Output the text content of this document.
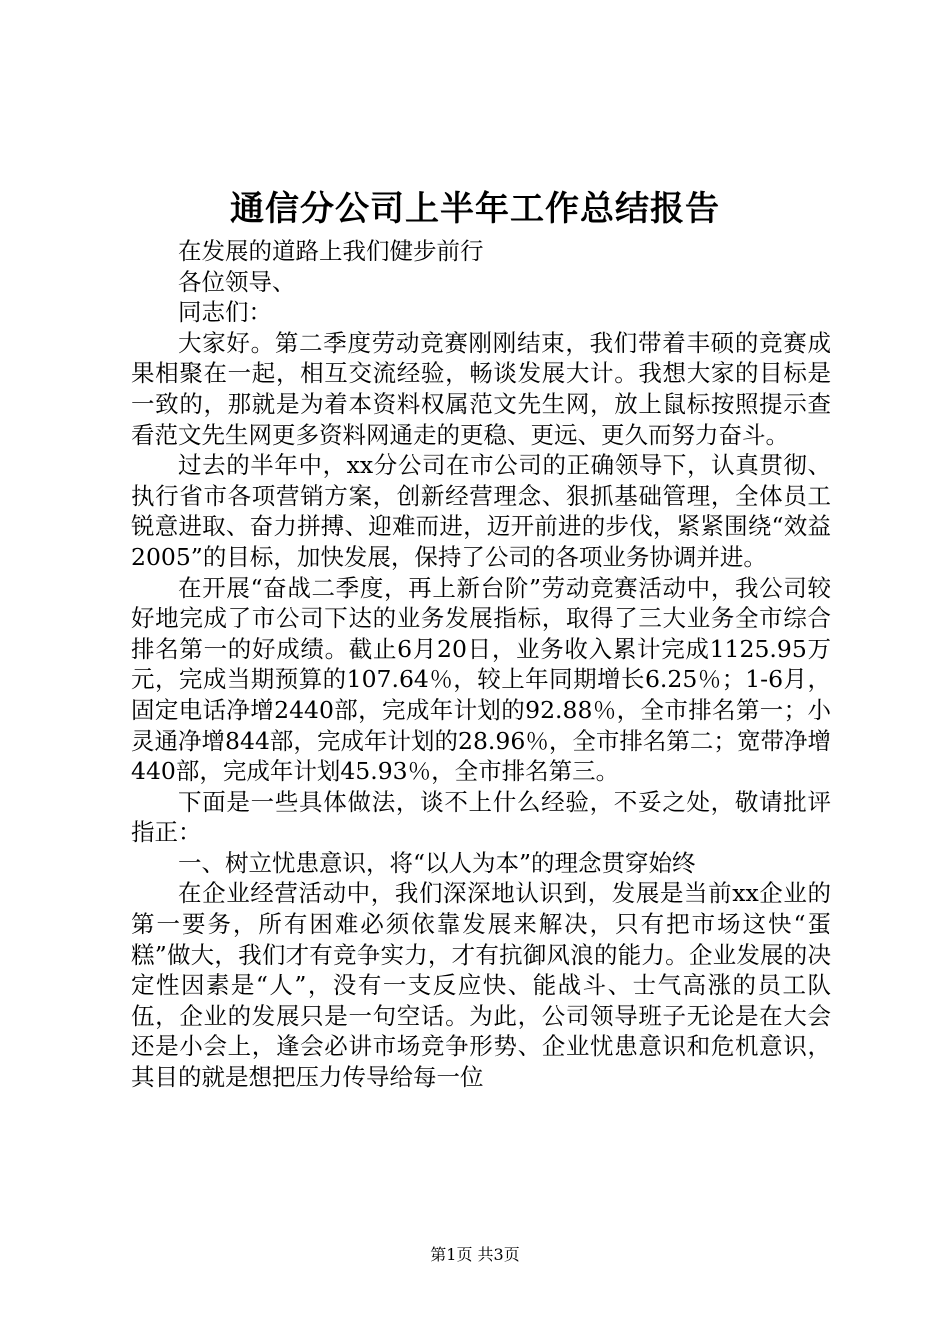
通信分公司上半年工作总结报告

在发展的道路上我们健步前行

各位领导、

同志们：

大家好。第二季度劳动竞赛刚刚结束，我们带着丰硕的竞赛成果相聚在一起，相互交流经验，畅谈发展大计。我想大家的目标是一致的，那就是为着本资料权属范文先生网，放上鼠标按照提示查看范文先生网更多资料网通走的更稳、更远、更久而努力奋斗。

过去的半年中，xx分公司在市公司的正确领导下，认真贯彻、执行省市各项营销方案，创新经营理念、狠抓基础管理，全体员工锐意进取、奋力拼搏、迎难而进，迈开前进的步伐，紧紧围绕“效益2005”的目标，加快发展，保持了公司的各项业务协调并进。

在开展“奋战二季度，再上新台阶”劳动竞赛活动中，我公司较好地完成了市公司下达的业务发展指标，取得了三大业务全市综合排名第一的好成绩。截止6月20日，业务收入累计完成1125.95万元，完成当期预算的107.64％，较上年同期增长6.25％；1-6月，固定电话净增2440部，完成年计划的92.88％，全市排名第一；小灵通净增844部，完成年计划的28.96％，全市排名第二；宽带净增440部，完成年计划45.93％，全市排名第三。

下面是一些具体做法，谈不上什么经验，不妥之处，敬请批评指正：

一、树立忧患意识，将“以人为本”的理念贯穿始终

在企业经营活动中，我们深深地认识到，发展是当前xx企业的第一要务，所有困难必须依靠发展来解决，只有把市场这快“蛋糕”做大，我们才有竞争实力，才有抗御风浪的能力。企业发展的决定性因素是“人”，没有一支反应快、能战斗、士气高涨的员工队伍，企业的发展只是一句空话。为此，公司领导班子无论是在大会还是小会上，逢会必讲市场竞争形势、企业忧患意识和危机意识，其目的就是想把压力传导给每一位

第1页 共3页
